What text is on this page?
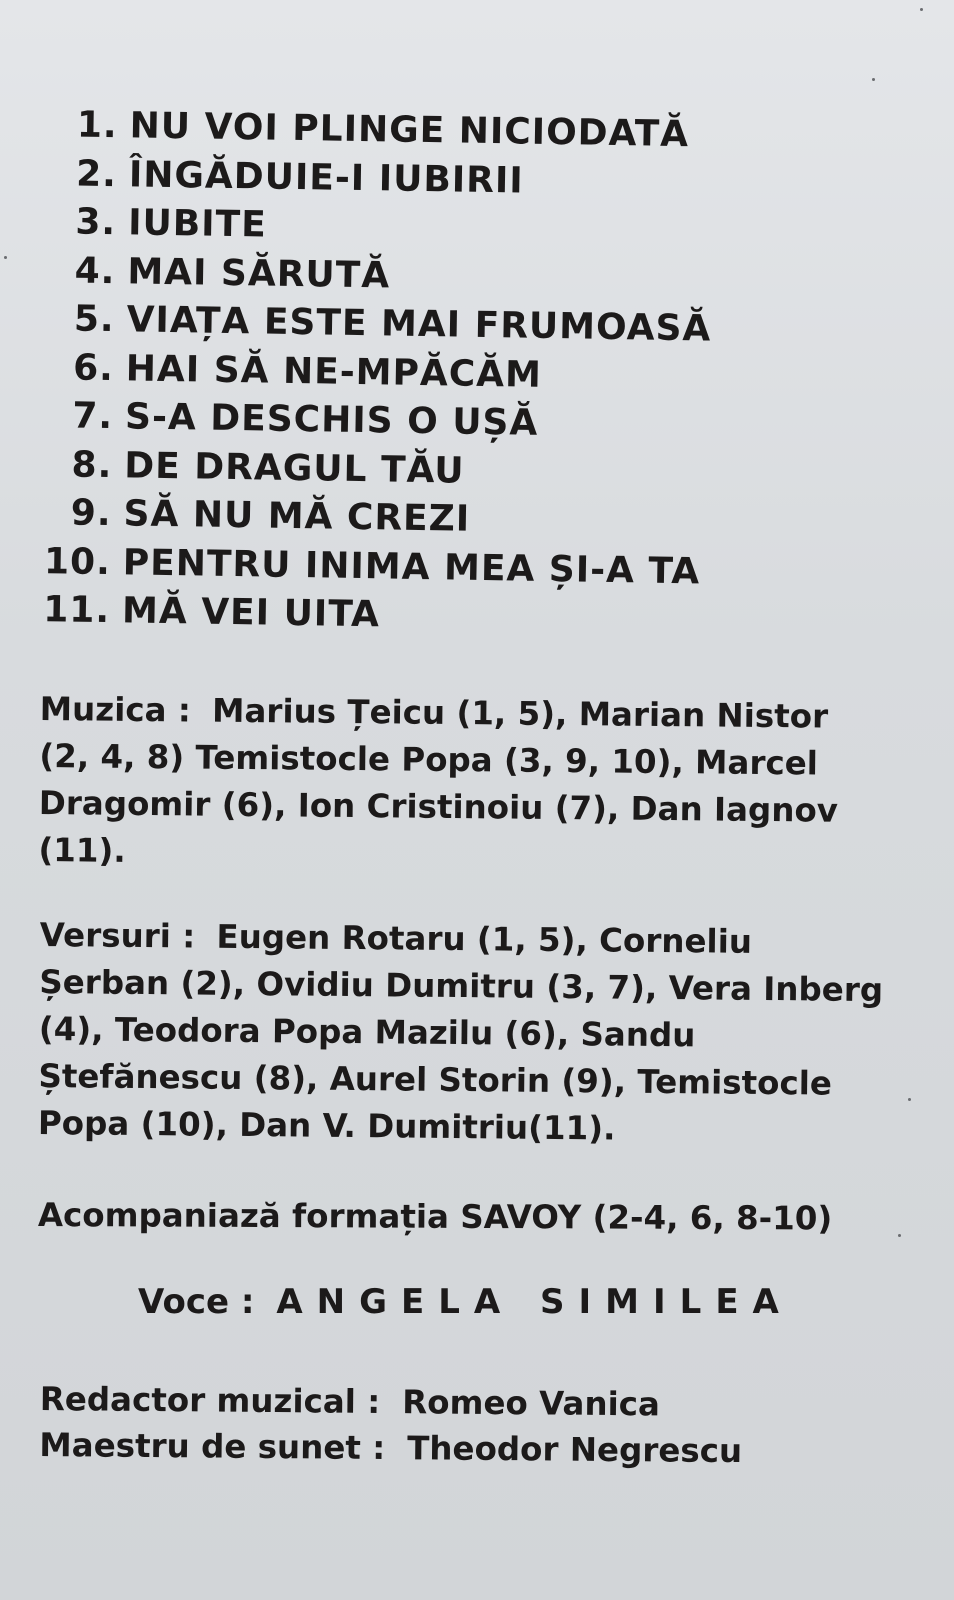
1. NU VOI PLINGE NICIODATĂ
2. ÎNGĂDUIE-I IUBIRII
3. IUBITE
4. MAI SĂRUTĂ
5. VIAȚA ESTE MAI FRUMOASĂ
6. HAI SĂ NE-MPĂCĂM
7. S-A DESCHIS O UȘĂ
8. DE DRAGUL TĂU
9. SĂ NU MĂ CREZI
10. PENTRU INIMA MEA ȘI-A TA
11. MĂ VEI UITA

Muzica : Marius Țeicu (1, 5), Marian Nistor (2, 4, 8) Temistocle Popa (3, 9, 10), Marcel Dragomir (6), Ion Cristinoiu (7), Dan Iagnov (11).

Versuri : Eugen Rotaru (1, 5), Corneliu Șerban (2), Ovidiu Dumitru (3, 7), Vera Inberg (4), Teodora Popa Mazilu (6), Sandu Ștefănescu (8), Aurel Storin (9), Temistocle Popa (10), Dan V. Dumitriu(11).

Acompaniază formația SAVOY (2-4, 6, 8-10)
Voce : ANGELA SIMILEA
Redactor muzical : Romeo Vanica
Maestru de sunet : Theodor Negrescu
